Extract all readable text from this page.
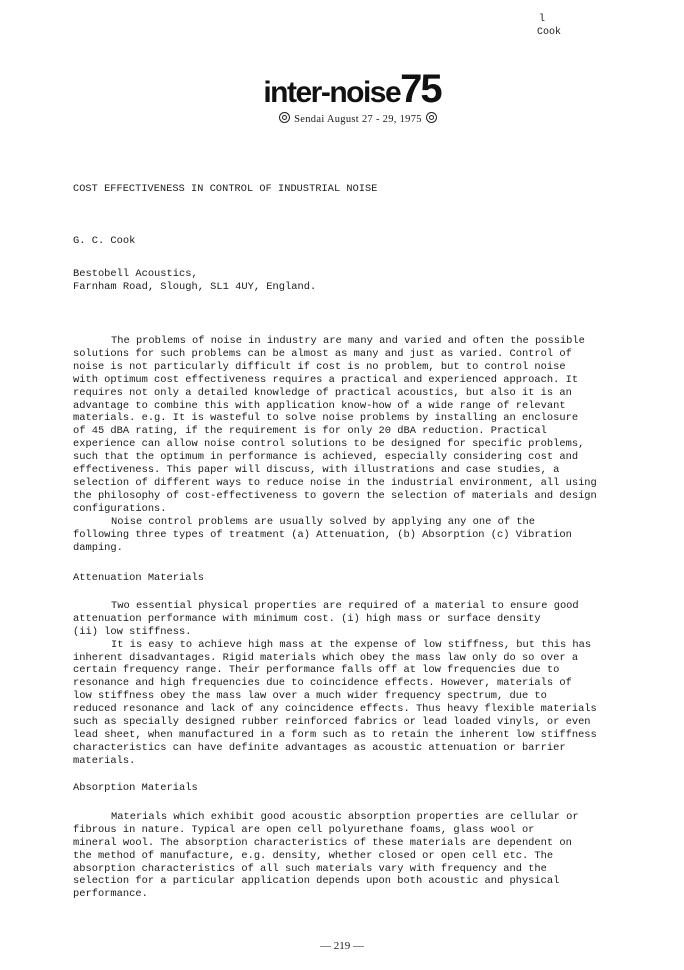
l
Cook
inter-noise75
Sendai August 27 - 29, 1975
COST EFFECTIVENESS IN CONTROL OF INDUSTRIAL NOISE
G. C. Cook
Bestobell Acoustics,
Farnham Road, Slough, SL1 4UY, England.

The problems of noise in industry are many and varied and often the possible
solutions for such problems can be almost as many and just as varied. Control of
noise is not particularly difficult if cost is no problem, but to control noise
with optimum cost effectiveness requires a practical and experienced approach. It
requires not only a detailed knowledge of practical acoustics, but also it is an
advantage to combine this with application know-how of a wide range of relevant
materials. e.g. It is wasteful to solve noise problems by installing an enclosure
of 45 dBA rating, if the requirement is for only 20 dBA reduction. Practical
experience can allow noise control solutions to be designed for specific problems,
such that the optimum in performance is achieved, especially considering cost and
effectiveness. This paper will discuss, with illustrations and case studies, a
selection of different ways to reduce noise in the industrial environment, all using
the philosophy of cost-effectiveness to govern the selection of materials and design
configurations.

Noise control problems are usually solved by applying any one of the
following three types of treatment (a) Attenuation, (b) Absorption (c) Vibration
damping.

Attenuation Materials

Two essential physical properties are required of a material to ensure good
attenuation performance with minimum cost. (i) high mass or surface density
(ii) low stiffness.

It is easy to achieve high mass at the expense of low stiffness, but this has
inherent disadvantages. Rigid materials which obey the mass law only do so over a
certain frequency range. Their performance falls off at low frequencies due to
resonance and high frequencies due to coincidence effects. However, materials of
low stiffness obey the mass law over a much wider frequency spectrum, due to
reduced resonance and lack of any coincidence effects. Thus heavy flexible materials
such as specially designed rubber reinforced fabrics or lead loaded vinyls, or even
lead sheet, when manufactured in a form such as to retain the inherent low stiffness
characteristics can have definite advantages as acoustic attenuation or barrier
materials.

Absorption Materials

Materials which exhibit good acoustic absorption properties are cellular or
fibrous in nature. Typical are open cell polyurethane foams, glass wool or
mineral wool. The absorption characteristics of these materials are dependent on
the method of manufacture, e.g. density, whether closed or open cell etc. The
absorption characteristics of all such materials vary with frequency and the
selection for a particular application depends upon both acoustic and physical
performance.

— 219 —
